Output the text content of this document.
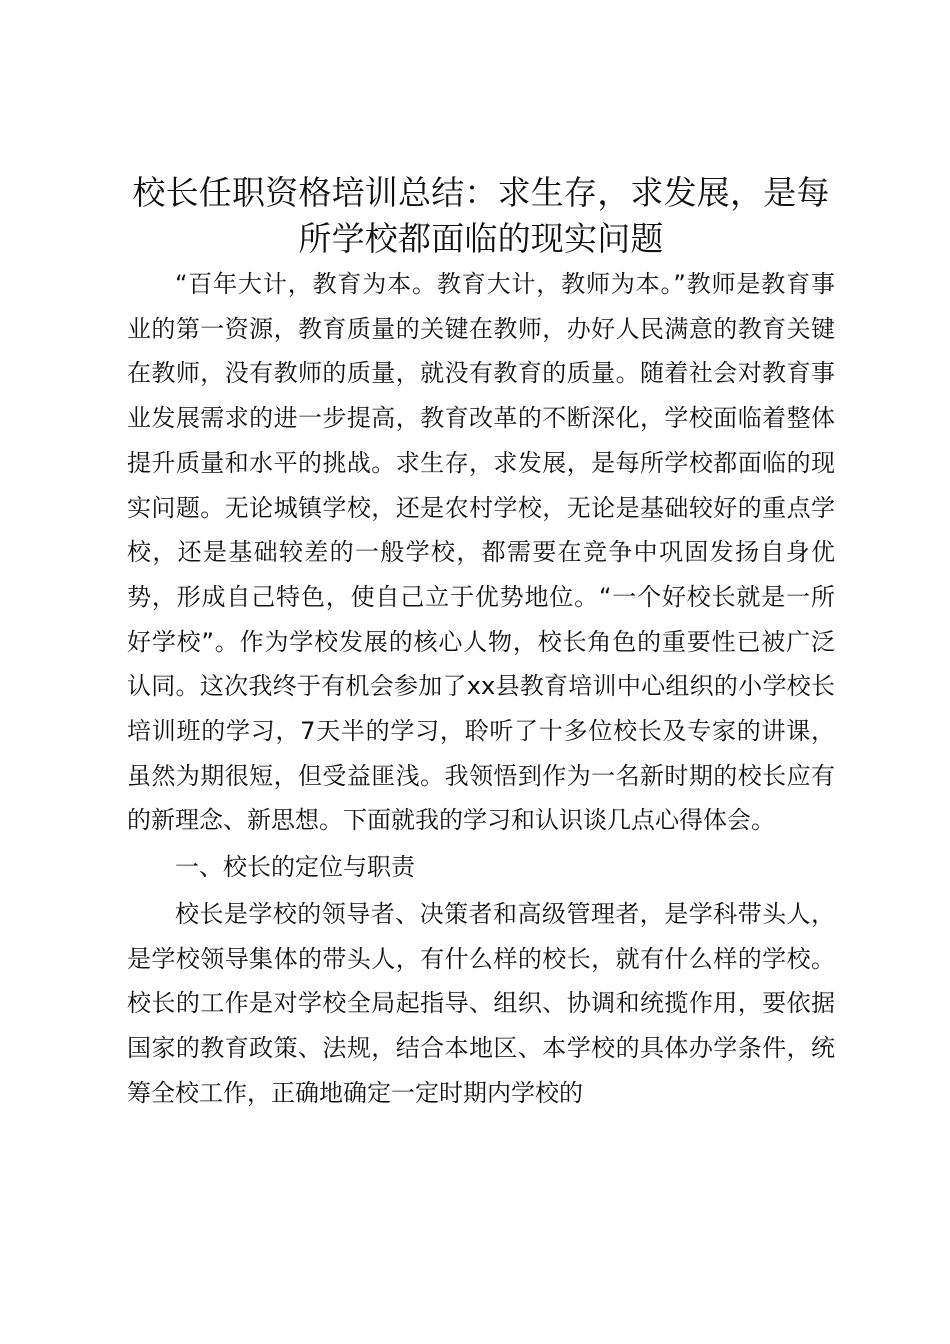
校长任职资格培训总结：求生存，求发展，是每所学校都面临的现实问题

“百年大计，教育为本。教育大计，教师为本。”教师是教育事业的第一资源，教育质量的关键在教师，办好人民满意的教育关键在教师，没有教师的质量，就没有教育的质量。随着社会对教育事业发展需求的进一步提高，教育改革的不断深化，学校面临着整体提升质量和水平的挑战。求生存，求发展，是每所学校都面临的现实问题。无论城镇学校，还是农村学校，无论是基础较好的重点学校，还是基础较差的一般学校，都需要在竞争中巩固发扬自身优势，形成自己特色，使自己立于优势地位。“一个好校长就是一所好学校”。作为学校发展的核心人物，校长角色的重要性已被广泛认同。这次我终于有机会参加了xx县教育培训中心组织的小学校长培训班的学习，7天半的学习，聆听了十多位校长及专家的讲课，虽然为期很短，但受益匪浅。我领悟到作为一名新时期的校长应有的新理念、新思想。下面就我的学习和认识谈几点心得体会。

一、校长的定位与职责

校长是学校的领导者、决策者和高级管理者，是学科带头人，是学校领导集体的带头人，有什么样的校长，就有什么样的学校。校长的工作是对学校全局起指导、组织、协调和统揽作用，要依据国家的教育政策、法规，结合本地区、本学校的具体办学条件，统筹全校工作，正确地确定一定时期内学校的
